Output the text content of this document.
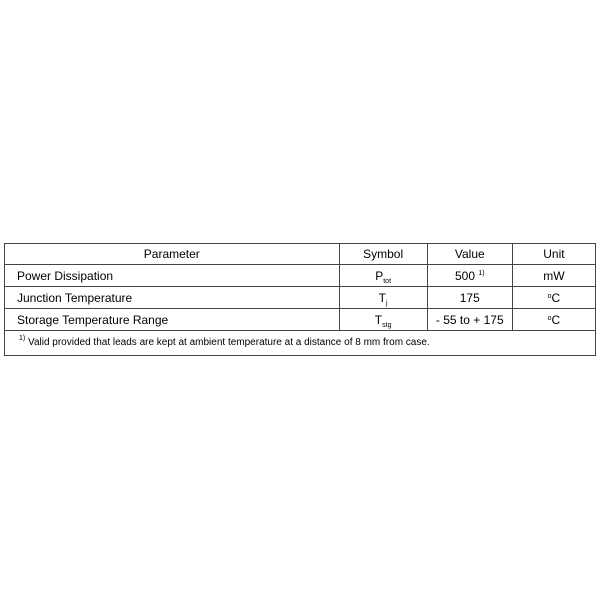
Parameter	Symbol	Value	Unit
Power Dissipation	$P_{tot}$	500 $^{1)}$	mW
Junction Temperature	$T_j$	175	$^o$C
Storage Temperature Range	$T_{stg}$	- 55 to + 175	$^o$C
$^{1)}$ Valid provided that leads are kept at ambient temperature at a distance of 8 mm from case.			
